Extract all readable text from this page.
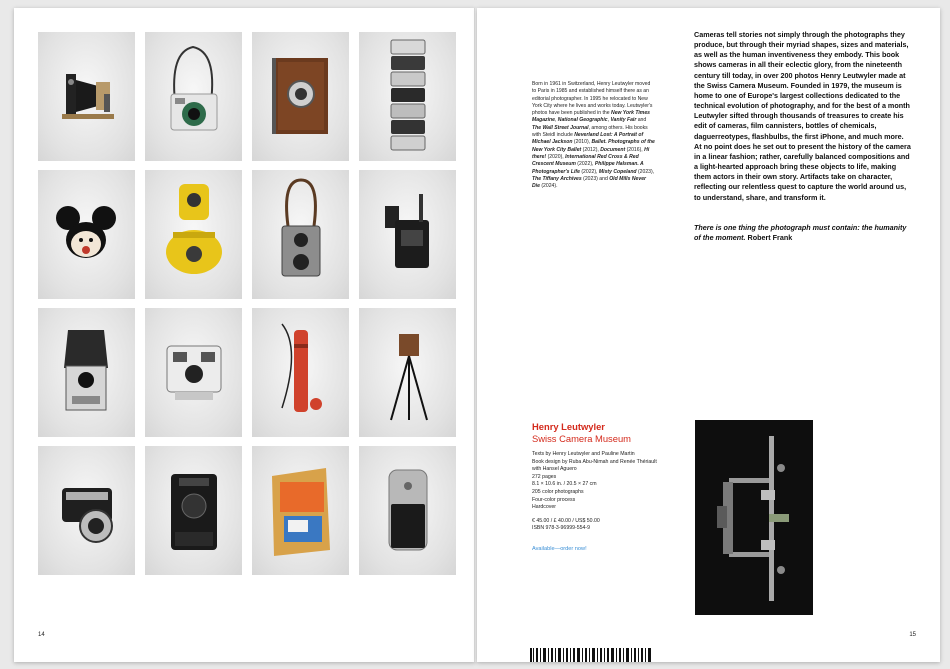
14
Born in 1961 in Switzerland, Henry Leutwyler moved to Paris in 1985 and established himself there as an editorial photographer. In 1995 he relocated to New York City where he lives and works today. Leutwyler's photos have been published in the New York Times Magazine, National Geographic, Vanity Fair and The Wall Street Journal, among others. His books with Steidl include Neverland Lost: A Portrait of Michael Jackson (2010), Ballet. Photographs of the New York City Ballet (2012), Document (2016), Hi there! (2020), International Red Cross & Red Crescent Museum (2022), Philippe Halsman. A Photographer's Life (2022), Misty Copeland (2023), The Tiffany Archives (2023) and Old Mills Never Die (2024).
Cameras tell stories not simply through the photographs they produce, but through their myriad shapes, sizes and materials, as well as the human inventiveness they embody. This book shows cameras in all their eclectic glory, from the nineteenth century till today, in over 200 photos Henry Leutwyler made at the Swiss Camera Museum. Founded in 1979, the museum is home to one of Europe's largest collections dedicated to the technical evolution of photography, and for the best of a month Leutwyler sifted through thousands of treasures to create his edit of cameras, film cannisters, bottles of chemicals, daguerreotypes, flashbulbs, the first iPhone, and much more. At no point does he set out to present the history of the camera in a linear fashion; rather, carefully balanced compositions and a light-hearted approach bring these objects to life, making them actors in their own story. Artifacts take on character, reflecting our relentless quest to capture the world around us, to understand, share, and transform it.
There is one thing the photograph must contain: the humanity of the moment. Robert Frank
Henry Leutwyler
Swiss Camera Museum
Texts by Henry Leutwyler and Pauline Martin
Book design by Ruba Abu-Nimah and Renée Thériault
with Hansel Aguero
272 pages
8.1 × 10.6 in. / 20.5 × 27 cm
205 color photographs
Four-color process
Hardcover
€ 45.00 / £ 40.00 / US$ 50.00
ISBN 978-3-96999-554-9
Available—order now!
15
